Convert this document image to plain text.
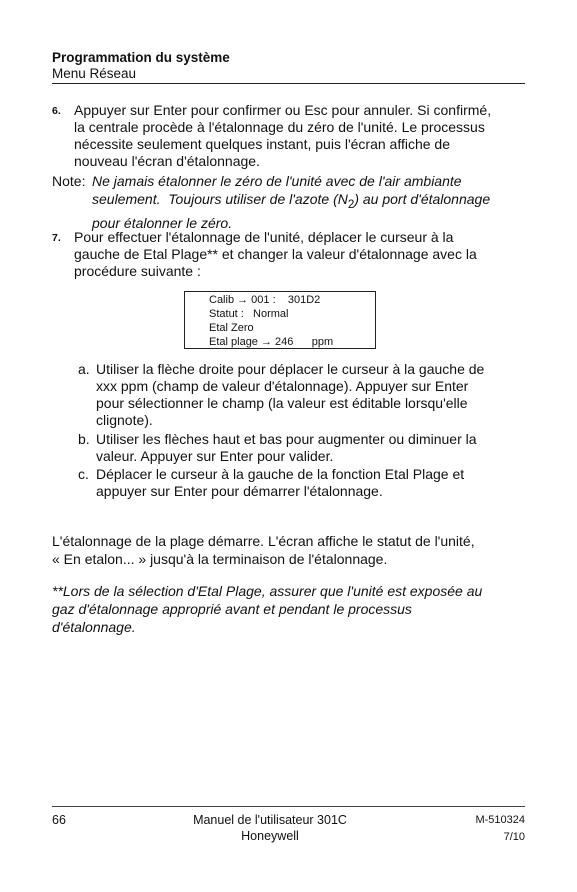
Programmation du système
Menu Réseau
6. Appuyer sur Enter pour confirmer ou Esc pour annuler. Si confirmé,
la centrale procède à l'étalonnage du zéro de l'unité. Le processus
nécessite seulement quelques instant, puis l'écran affiche de
nouveau l'écran d'étalonnage.
Note: Ne jamais étalonner le zéro de l'unité avec de l'air ambiante
seulement. Toujours utiliser de l'azote $(N_2)$ au port d'étalonnage
pour étalonner le zéro.
7. Pour effectuer l'étalonnage de l'unité, déplacer le curseur à la
gauche de Etal Plage** et changer la valeur d'étalonnage avec la
procédure suivante :
Calib → 001 :    301D2
Statut :   Normal
Etal Zero
Etal plage → 246      ppm
a. Utiliser la flèche droite pour déplacer le curseur à la gauche de
xxx ppm (champ de valeur d'étalonnage). Appuyer sur Enter
pour sélectionner le champ (la valeur est éditable lorsqu'elle
clignote).
b. Utiliser les flèches haut et bas pour augmenter ou diminuer la
valeur. Appuyer sur Enter pour valider.
c. Déplacer le curseur à la gauche de la fonction Etal Plage et
appuyer sur Enter pour démarrer l'étalonnage.
L'étalonnage de la plage démarre. L'écran affiche le statut de l'unité,
« En etalon... » jusqu'à la terminaison de l'étalonnage.
**Lors de la sélection d'Etal Plage, assurer que l'unité est exposée au
gaz d'étalonnage approprié avant et pendant le processus
d'étalonnage.
66	Manuel de l'utilisateur 301C
Honeywell
M-510324
7/10
